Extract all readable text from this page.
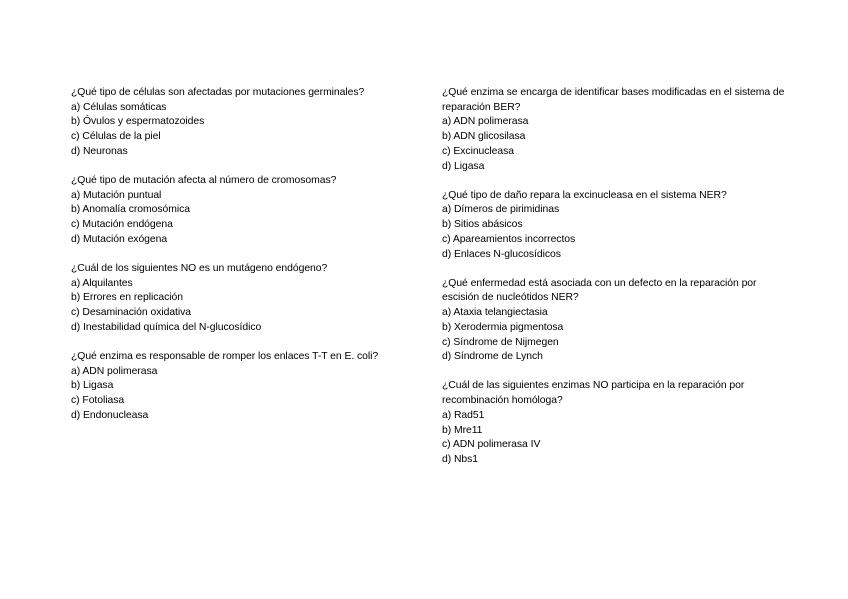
¿Qué tipo de células son afectadas por mutaciones germinales?
a) Células somáticas
b) Óvulos y espermatozoides
c) Células de la piel
d) Neuronas
¿Qué tipo de mutación afecta al número de cromosomas?
a) Mutación puntual
b) Anomalía cromosómica
c) Mutación endógena
d) Mutación exógena
¿Cuál de los siguientes NO es un mutágeno endógeno?
a) Alquilantes
b) Errores en replicación
c) Desaminación oxidativa
d) Inestabilidad química del N-glucosídico
¿Qué enzima es responsable de romper los enlaces T-T en E. coli?
a) ADN polimerasa
b) Ligasa
c) Fotoliasa
d) Endonucleasa
¿Qué enzima se encarga de identificar bases modificadas en el sistema de reparación BER?
a) ADN polimerasa
b) ADN glicosilasa
c) Excinucleasa
d) Ligasa
¿Qué tipo de daño repara la excinucleasa en el sistema NER?
a) Dímeros de pirimidinas
b) Sitios abásicos
c) Apareamientos incorrectos
d) Enlaces N-glucosídicos
¿Qué enfermedad está asociada con un defecto en la reparación por escisión de nucleótidos NER?
a) Ataxia telangiectasia
b) Xerodermia pigmentosa
c) Síndrome de Nijmegen
d) Síndrome de Lynch
¿Cuál de las siguientes enzimas NO participa en la reparación por recombinación homóloga?
a) Rad51
b) Mre11
c) ADN polimerasa IV
d) Nbs1
